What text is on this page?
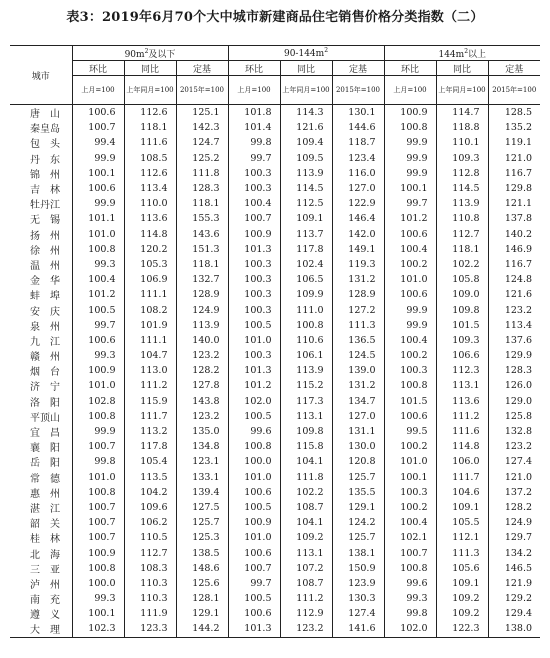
表3：2019年6月70个大中城市新建商品住宅销售价格分类指数（二）
城市	$90m^2$及以下			$90-144m^2$			$144m^2$以上		
	环比	同比	定基	环比	同比	定基	环比	同比	定基
	上月=100	上年同月=100	2015年=100	上月=100	上年同月=100	2015年=100	上月=100	上年同月=100	2015年=100
唐　山	100.6	112.6	125.1	101.8	114.3	130.1	100.9	114.7	128.5
秦皇岛	100.7	118.1	142.3	101.4	121.6	144.6	100.8	118.8	135.2
包　头	99.4	111.6	124.7	99.8	109.4	118.7	99.9	110.1	119.1
丹　东	99.9	108.5	125.2	99.7	109.5	123.4	99.9	109.3	121.0
锦　州	100.1	112.6	111.8	100.3	113.9	116.0	99.9	112.8	116.7
吉　林	100.6	113.4	128.3	100.3	114.5	127.0	100.1	114.5	129.8
牡丹江	99.9	110.0	118.1	100.4	112.5	122.9	99.7	113.9	121.1
无　锡	101.1	113.6	155.3	100.7	109.1	146.4	101.2	110.8	137.8
扬　州	101.0	114.8	143.6	100.9	113.7	142.0	100.6	112.7	140.2
徐　州	100.8	120.2	151.3	101.3	117.8	149.1	100.4	118.1	146.9
温　州	99.3	105.3	118.1	100.3	102.4	119.3	100.2	102.2	116.7
金　华	100.4	106.9	132.7	100.3	106.5	131.2	101.0	105.8	124.8
蚌　埠	101.2	111.1	128.9	100.3	109.9	128.9	100.6	109.0	121.6
安　庆	100.5	108.2	124.9	100.3	111.0	127.2	99.9	109.8	123.2
泉　州	99.7	101.9	113.9	100.5	100.8	111.3	99.9	101.5	113.4
九　江	100.6	111.1	140.0	101.0	110.6	136.5	100.4	109.3	137.6
赣　州	99.3	104.7	123.2	100.3	106.1	124.5	100.2	106.6	129.9
烟　台	100.9	113.0	128.2	101.3	113.9	139.0	100.3	112.3	128.3
济　宁	101.0	111.2	127.8	101.2	115.2	131.2	100.8	113.1	126.0
洛　阳	102.8	115.9	143.8	102.0	117.3	134.7	101.5	113.6	129.0
平顶山	100.8	111.7	123.2	100.5	113.1	127.0	100.6	111.2	125.8
宜　昌	99.9	113.2	135.0	99.6	109.8	131.1	99.5	111.6	132.8
襄　阳	100.7	117.8	134.8	100.8	115.8	130.0	100.2	114.8	123.2
岳　阳	99.8	105.4	123.1	100.0	104.1	120.8	101.0	106.0	127.4
常　德	101.0	113.5	133.1	101.0	111.8	125.7	100.1	111.7	121.0
惠　州	100.8	104.2	139.4	100.6	102.2	135.5	100.3	104.6	137.2
湛　江	100.7	109.6	127.5	100.5	108.7	129.1	100.2	109.1	128.2
韶　关	100.7	106.2	125.7	100.9	104.1	124.2	100.4	105.5	124.9
桂　林	100.7	110.5	125.3	101.0	109.2	125.7	102.1	112.1	129.7
北　海	100.9	112.7	138.5	100.6	113.1	138.1	100.7	111.3	134.2
三　亚	100.8	108.3	148.6	100.7	107.2	150.9	100.8	105.6	146.5
泸　州	100.0	110.3	125.6	99.7	108.7	123.9	99.6	109.1	121.9
南　充	99.3	110.3	128.1	100.5	111.2	130.3	99.3	109.2	129.2
遵　义	100.1	111.9	129.1	100.6	112.9	127.4	99.8	109.2	129.4
大　理	102.3	123.3	144.2	101.3	123.2	141.6	102.0	122.3	138.0
